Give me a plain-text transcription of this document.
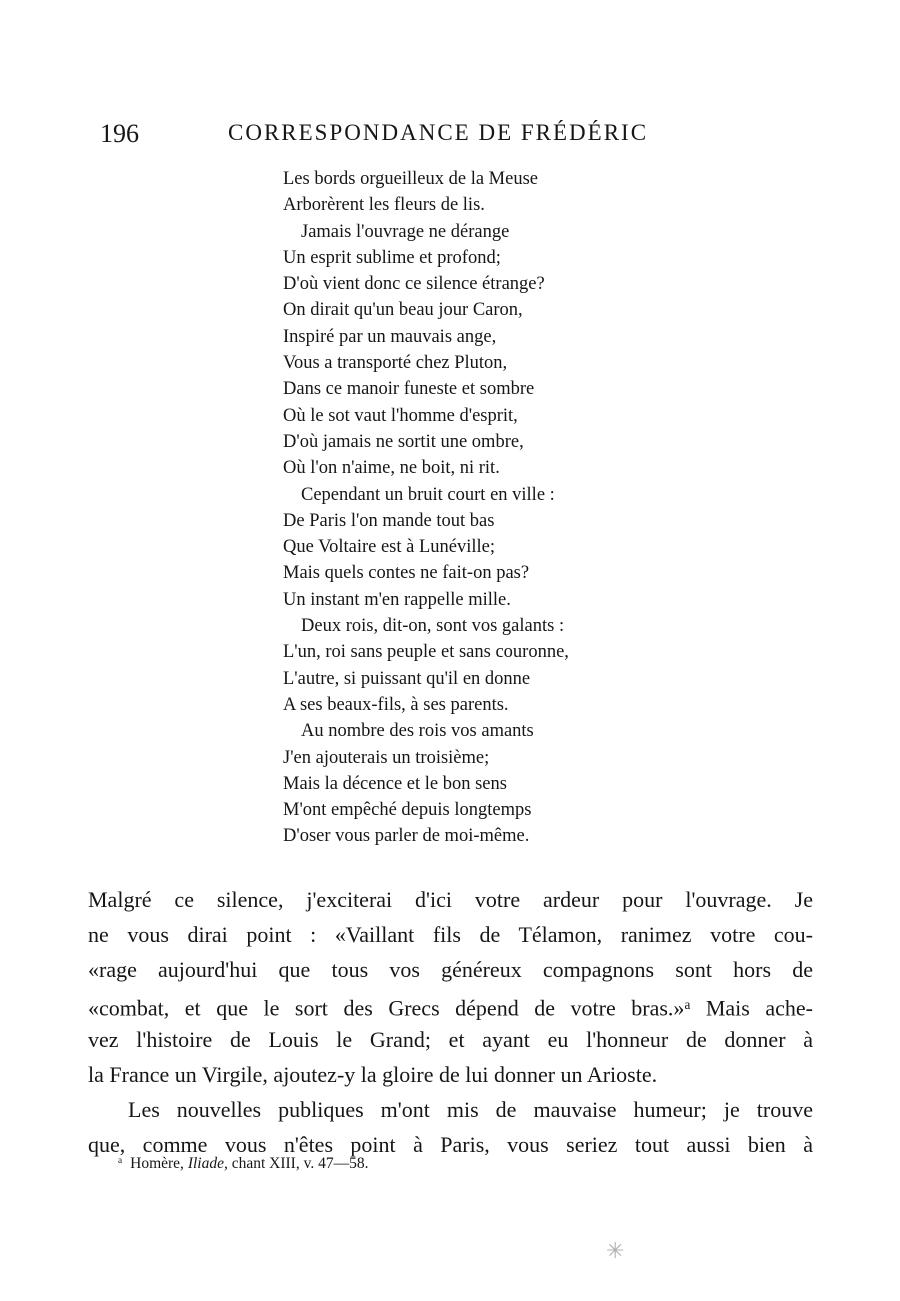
196	CORRESPONDANCE DE FRÉDÉRIC
Les bords orgueilleux de la Meuse
Arborèrent les fleurs de lis.
Jamais l'ouvrage ne dérange
Un esprit sublime et profond;
D'où vient donc ce silence étrange?
On dirait qu'un beau jour Caron,
Inspiré par un mauvais ange,
Vous a transporté chez Pluton,
Dans ce manoir funeste et sombre
Où le sot vaut l'homme d'esprit,
D'où jamais ne sortit une ombre,
Où l'on n'aime, ne boit, ni rit.
Cependant un bruit court en ville :
De Paris l'on mande tout bas
Que Voltaire est à Lunéville;
Mais quels contes ne fait-on pas?
Un instant m'en rappelle mille.
Deux rois, dit-on, sont vos galants :
L'un, roi sans peuple et sans couronne,
L'autre, si puissant qu'il en donne
A ses beaux-fils, à ses parents.
Au nombre des rois vos amants
J'en ajouterais un troisième;
Mais la décence et le bon sens
M'ont empêché depuis longtemps
D'oser vous parler de moi-même.
Malgré ce silence, j'exciterai d'ici votre ardeur pour l'ouvrage. Je
ne vous dirai point : «Vaillant fils de Télamon, ranimez votre cou-
«rage aujourd'hui que tous vos généreux compagnons sont hors de
«combat, et que le sort des Grecs dépend de votre bras.»$^a$ Mais ache-
vez l'histoire de Louis le Grand; et ayant eu l'honneur de donner à
la France un Virgile, ajoutez-y la gloire de lui donner un Arioste.
Les nouvelles publiques m'ont mis de mauvaise humeur; je trouve
que, comme vous n'êtes point à Paris, vous seriez tout aussi bien à
$^a$ Homère, Iliade, chant XIII, v. 47—58.
✳
